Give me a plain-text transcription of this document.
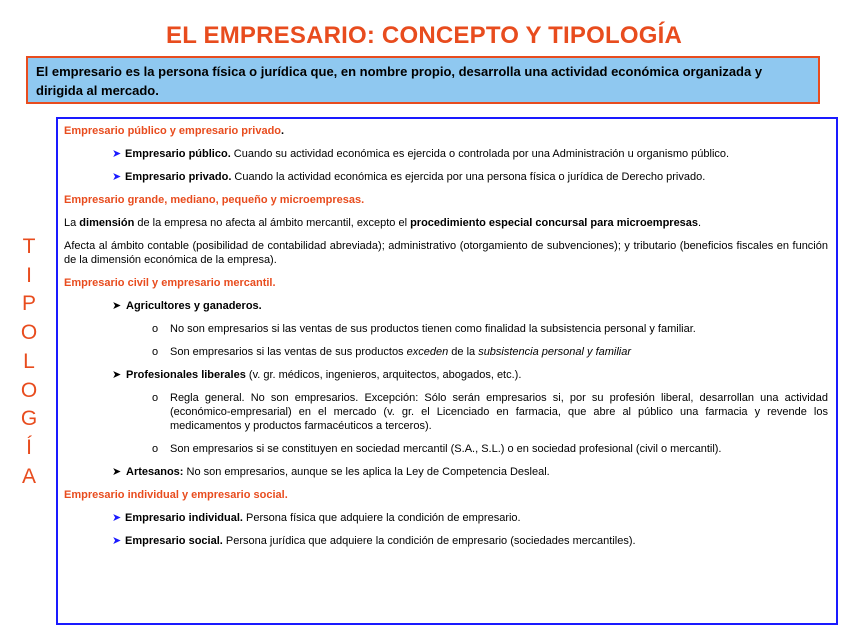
EL EMPRESARIO: CONCEPTO Y TIPOLOGÍA
El empresario es la persona física o jurídica que, en nombre propio, desarrolla una actividad económica organizada y dirigida al mercado.
T
I
P
O
L
O
G
Í
A
Empresario público y empresario privado.
➤ Empresario público. Cuando su actividad económica es ejercida o controlada por una Administración u organismo público.
➤ Empresario privado. Cuando la actividad económica es ejercida por una persona física o jurídica de Derecho privado.
Empresario grande, mediano, pequeño y microempresas.
La dimensión de la empresa no afecta al ámbito mercantil, excepto el procedimiento especial concursal para microempresas.
Afecta al ámbito contable (posibilidad de contabilidad abreviada); administrativo (otorgamiento de subvenciones); y tributario (beneficios fiscales en función de la dimensión económica de la empresa).
Empresario civil y empresario mercantil.
➤ Agricultores y ganaderos.
o	No son empresarios si las ventas de sus productos tienen como finalidad la subsistencia personal y familiar.
o	Son empresarios si las ventas de sus productos exceden de la subsistencia personal y familiar
➤ Profesionales liberales (v. gr. médicos, ingenieros, arquitectos, abogados, etc.).
o	Regla general. No son empresarios. Excepción: Sólo serán empresarios si, por su profesión liberal, desarrollan una actividad (económico-empresarial) en el mercado (v. gr. el Licenciado en farmacia, que abre al público una farmacia y revende los medicamentos y productos farmacéuticos a terceros).
o	Son empresarios si se constituyen en sociedad mercantil (S.A., S.L.) o en sociedad profesional (civil o mercantil).
➤ Artesanos: No son empresarios, aunque se les aplica la Ley de Competencia Desleal.
Empresario individual y empresario social.
➤ Empresario individual. Persona física que adquiere la condición de empresario.
➤ Empresario social. Persona jurídica que adquiere la condición de empresario (sociedades mercantiles).
